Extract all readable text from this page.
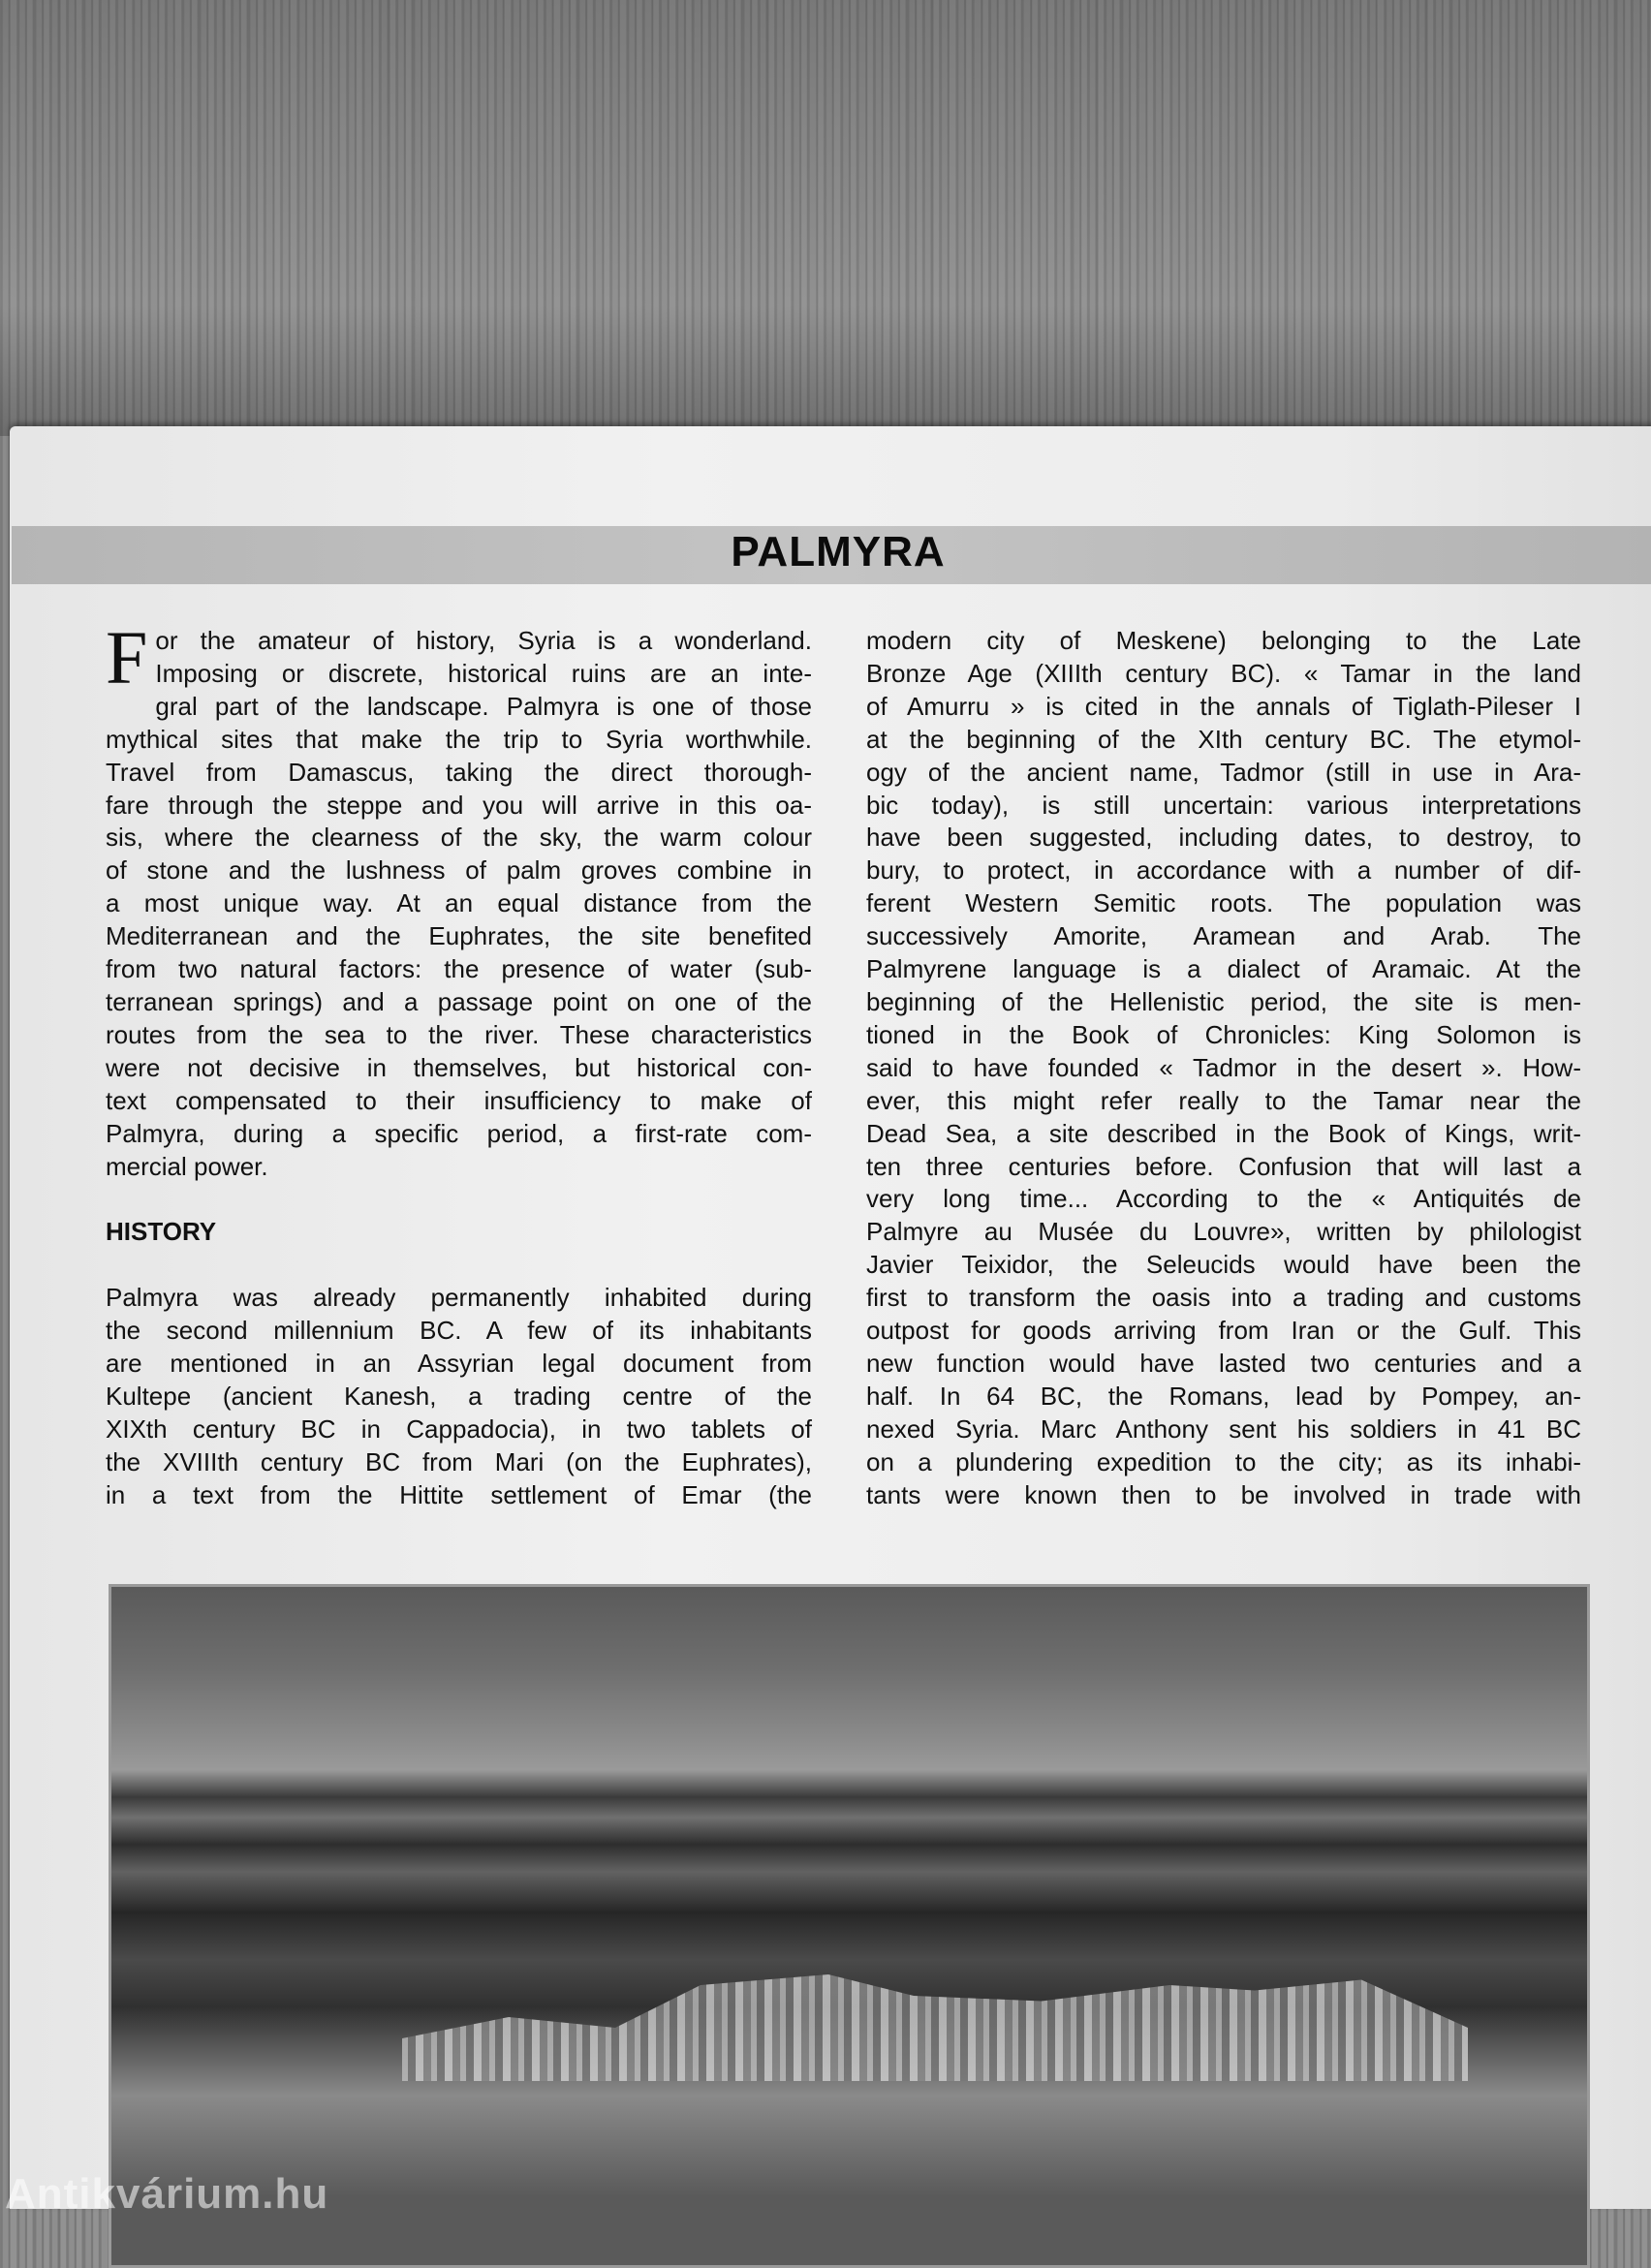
PALMYRA
F or the amateur of history, Syria is a wonderland.
Imposing or discrete, historical ruins are an inte-
gral part of the landscape. Palmyra is one of those
mythical sites that make the trip to Syria worthwhile.
Travel from Damascus, taking the direct thorough-
fare through the steppe and you will arrive in this oa-
sis, where the clearness of the sky, the warm colour
of stone and the lushness of palm groves combine in
a most unique way. At an equal distance from the
Mediterranean and the Euphrates, the site benefited
from two natural factors: the presence of water (sub-
terranean springs) and a passage point on one of the
routes from the sea to the river. These characteristics
were not decisive in themselves, but historical con-
text compensated to their insufficiency to make of
Palmyra, during a specific period, a first-rate com-
mercial power.
HISTORY
Palmyra was already permanently inhabited during
the second millennium BC. A few of its inhabitants
are mentioned in an Assyrian legal document from
Kultepe (ancient Kanesh, a trading centre of the
XIXth century BC in Cappadocia), in two tablets of
the XVIIIth century BC from Mari (on the Euphrates),
in a text from the Hittite settlement of Emar (the
modern city of Meskene) belonging to the Late
Bronze Age (XIIIth century BC). « Tamar in the land
of Amurru » is cited in the annals of Tiglath-Pileser I
at the beginning of the XIth century BC. The etymol-
ogy of the ancient name, Tadmor (still in use in Ara-
bic today), is still uncertain: various interpretations
have been suggested, including dates, to destroy, to
bury, to protect, in accordance with a number of dif-
ferent Western Semitic roots. The population was
successively Amorite, Aramean and Arab. The
Palmyrene language is a dialect of Aramaic. At the
beginning of the Hellenistic period, the site is men-
tioned in the Book of Chronicles: King Solomon is
said to have founded « Tadmor in the desert ». How-
ever, this might refer really to the Tamar near the
Dead Sea, a site described in the Book of Kings, writ-
ten three centuries before. Confusion that will last a
very long time... According to the « Antiquités de
Palmyre au Musée du Louvre», written by philologist
Javier Teixidor, the Seleucids would have been the
first to transform the oasis into a trading and customs
outpost for goods arriving from Iran or the Gulf. This
new function would have lasted two centuries and a
half. In 64 BC, the Romans, lead by Pompey, an-
nexed Syria. Marc Anthony sent his soldiers in 41 BC
on a plundering expedition to the city; as its inhabi-
tants were known then to be involved in trade with
Antikvárium.hu
